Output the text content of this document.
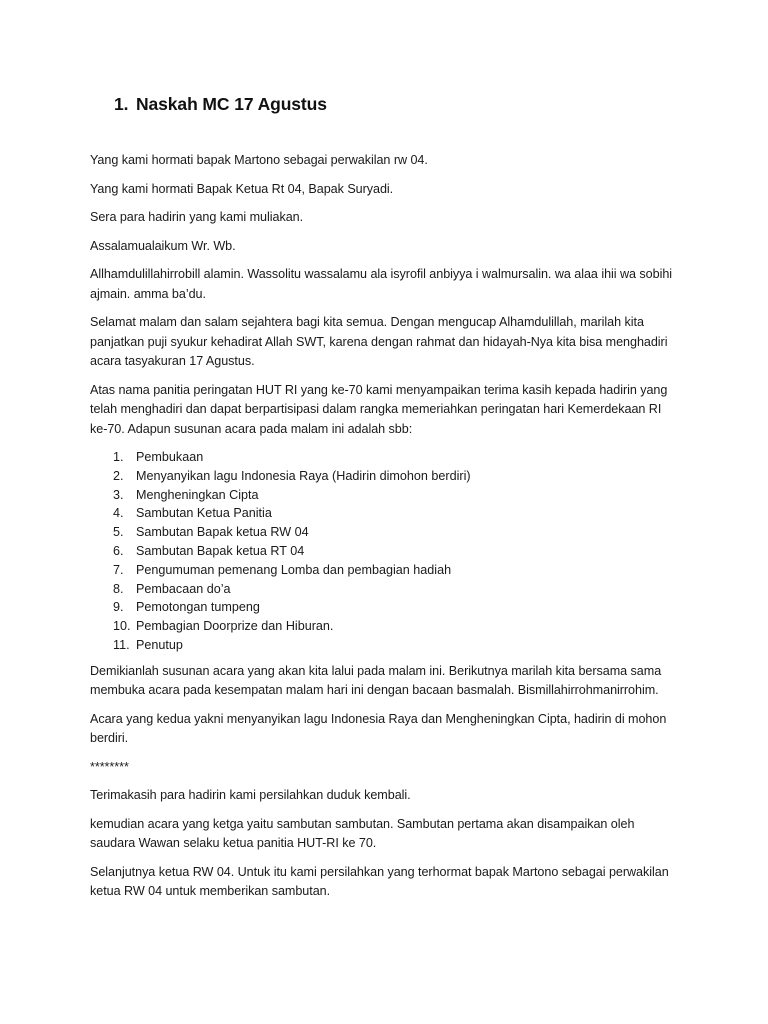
1. Naskah MC 17 Agustus

Yang kami hormati bapak Martono sebagai perwakilan rw 04.

Yang kami hormati Bapak Ketua Rt 04, Bapak Suryadi.

Sera para hadirin yang kami muliakan.

Assalamualaikum Wr. Wb.

Allhamdulillahirrobill alamin. Wassolitu wassalamu ala isyrofil anbiyya i walmursalin. wa alaa ihii wa sobihi ajmain. amma ba’du.

Selamat malam dan salam sejahtera bagi kita semua. Dengan mengucap Alhamdulillah, marilah kita panjatkan puji syukur kehadirat Allah SWT, karena dengan rahmat dan hidayah-Nya kita bisa menghadiri acara tasyakuran 17 Agustus.

Atas nama panitia peringatan HUT RI yang ke-70 kami menyampaikan terima kasih kepada hadirin yang telah menghadiri dan dapat berpartisipasi dalam rangka memeriahkan peringatan hari Kemerdekaan RI ke-70. Adapun susunan acara pada malam ini adalah sbb:

1. Pembukaan
2. Menyanyikan lagu Indonesia Raya (Hadirin dimohon berdiri)
3. Mengheningkan Cipta
4. Sambutan Ketua Panitia
5. Sambutan Bapak ketua RW 04
6. Sambutan Bapak ketua RT 04
7. Pengumuman pemenang Lomba dan pembagian hadiah
8. Pembacaan do’a
9. Pemotongan tumpeng
10. Pembagian Doorprize dan Hiburan.
11. Penutup

Demikianlah susunan acara yang akan kita lalui pada malam ini. Berikutnya marilah kita bersama sama membuka acara pada kesempatan malam hari ini dengan bacaan basmalah. Bismillahirrohmanirrohim.

Acara yang kedua yakni menyanyikan lagu Indonesia Raya dan Mengheningkan Cipta, hadirin di mohon berdiri.

********

Terimakasih para hadirin kami persilahkan duduk kembali.

kemudian acara yang ketga yaitu sambutan sambutan. Sambutan pertama akan disampaikan oleh saudara Wawan selaku ketua panitia HUT-RI ke 70.

Selanjutnya ketua RW 04. Untuk itu kami persilahkan yang terhormat bapak Martono sebagai perwakilan ketua RW 04 untuk memberikan sambutan.
